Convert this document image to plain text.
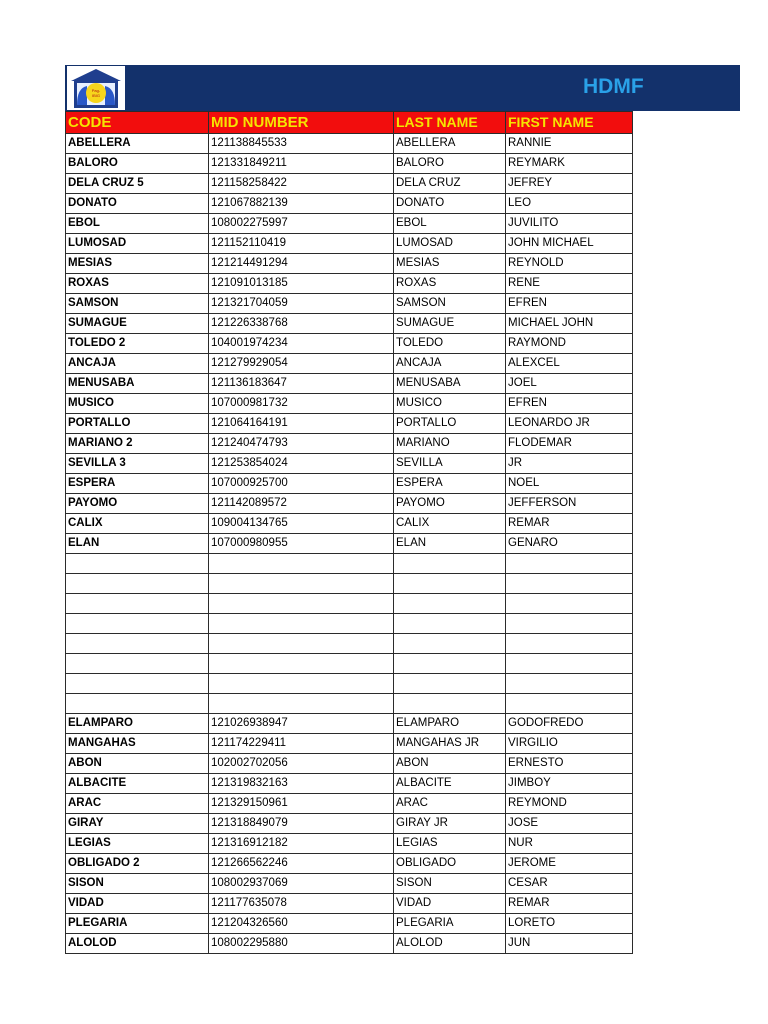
Pag-
IBIG	HDMF
CODE	MID NUMBER	LAST NAME	FIRST NAME
ABELLERA	121138845533	ABELLERA	RANNIE
BALORO	121331849211	BALORO	REYMARK
DELA CRUZ 5	121158258422	DELA CRUZ	JEFREY
DONATO	121067882139	DONATO	LEO
EBOL	108002275997	EBOL	JUVILITO
LUMOSAD	121152110419	LUMOSAD	JOHN MICHAEL
MESIAS	121214491294	MESIAS	REYNOLD
ROXAS	121091013185	ROXAS	RENE
SAMSON	121321704059	SAMSON	EFREN
SUMAGUE	121226338768	SUMAGUE	MICHAEL JOHN
TOLEDO 2	104001974234	TOLEDO	RAYMOND
ANCAJA	121279929054	ANCAJA	ALEXCEL
MENUSABA	121136183647	MENUSABA	JOEL
MUSICO	107000981732	MUSICO	EFREN
PORTALLO	121064164191	PORTALLO	LEONARDO JR
MARIANO 2	121240474793	MARIANO	FLODEMAR
SEVILLA 3	121253854024	SEVILLA	JR
ESPERA	107000925700	ESPERA	NOEL
PAYOMO	121142089572	PAYOMO	JEFFERSON
CALIX	109004134765	CALIX	REMAR
ELAN	107000980955	ELAN	GENARO

ELAMPARO	121026938947	ELAMPARO	GODOFREDO
MANGAHAS	121174229411	MANGAHAS JR	VIRGILIO
ABON	102002702056	ABON	ERNESTO
ALBACITE	121319832163	ALBACITE	JIMBOY
ARAC	121329150961	ARAC	REYMOND
GIRAY	121318849079	GIRAY JR	JOSE
LEGIAS	121316912182	LEGIAS	NUR
OBLIGADO 2	121266562246	OBLIGADO	JEROME
SISON	108002937069	SISON	CESAR
VIDAD	121177635078	VIDAD	REMAR
PLEGARIA	121204326560	PLEGARIA	LORETO
ALOLOD	108002295880	ALOLOD	JUN
